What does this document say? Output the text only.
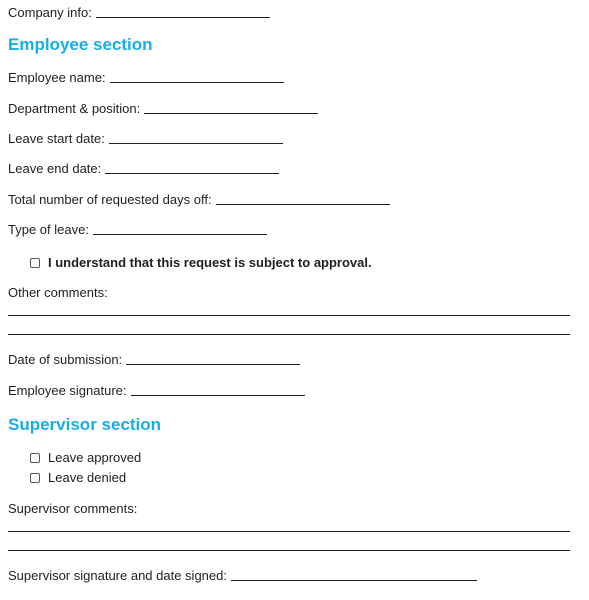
Company info:
Employee section
Employee name:
Department & position:
Leave start date:
Leave end date:
Total number of requested days off:
Type of leave:
I understand that this request is subject to approval.
Other comments:
Date of submission:
Employee signature:
Supervisor section
Leave approved
Leave denied
Supervisor comments:
Supervisor signature and date signed:
